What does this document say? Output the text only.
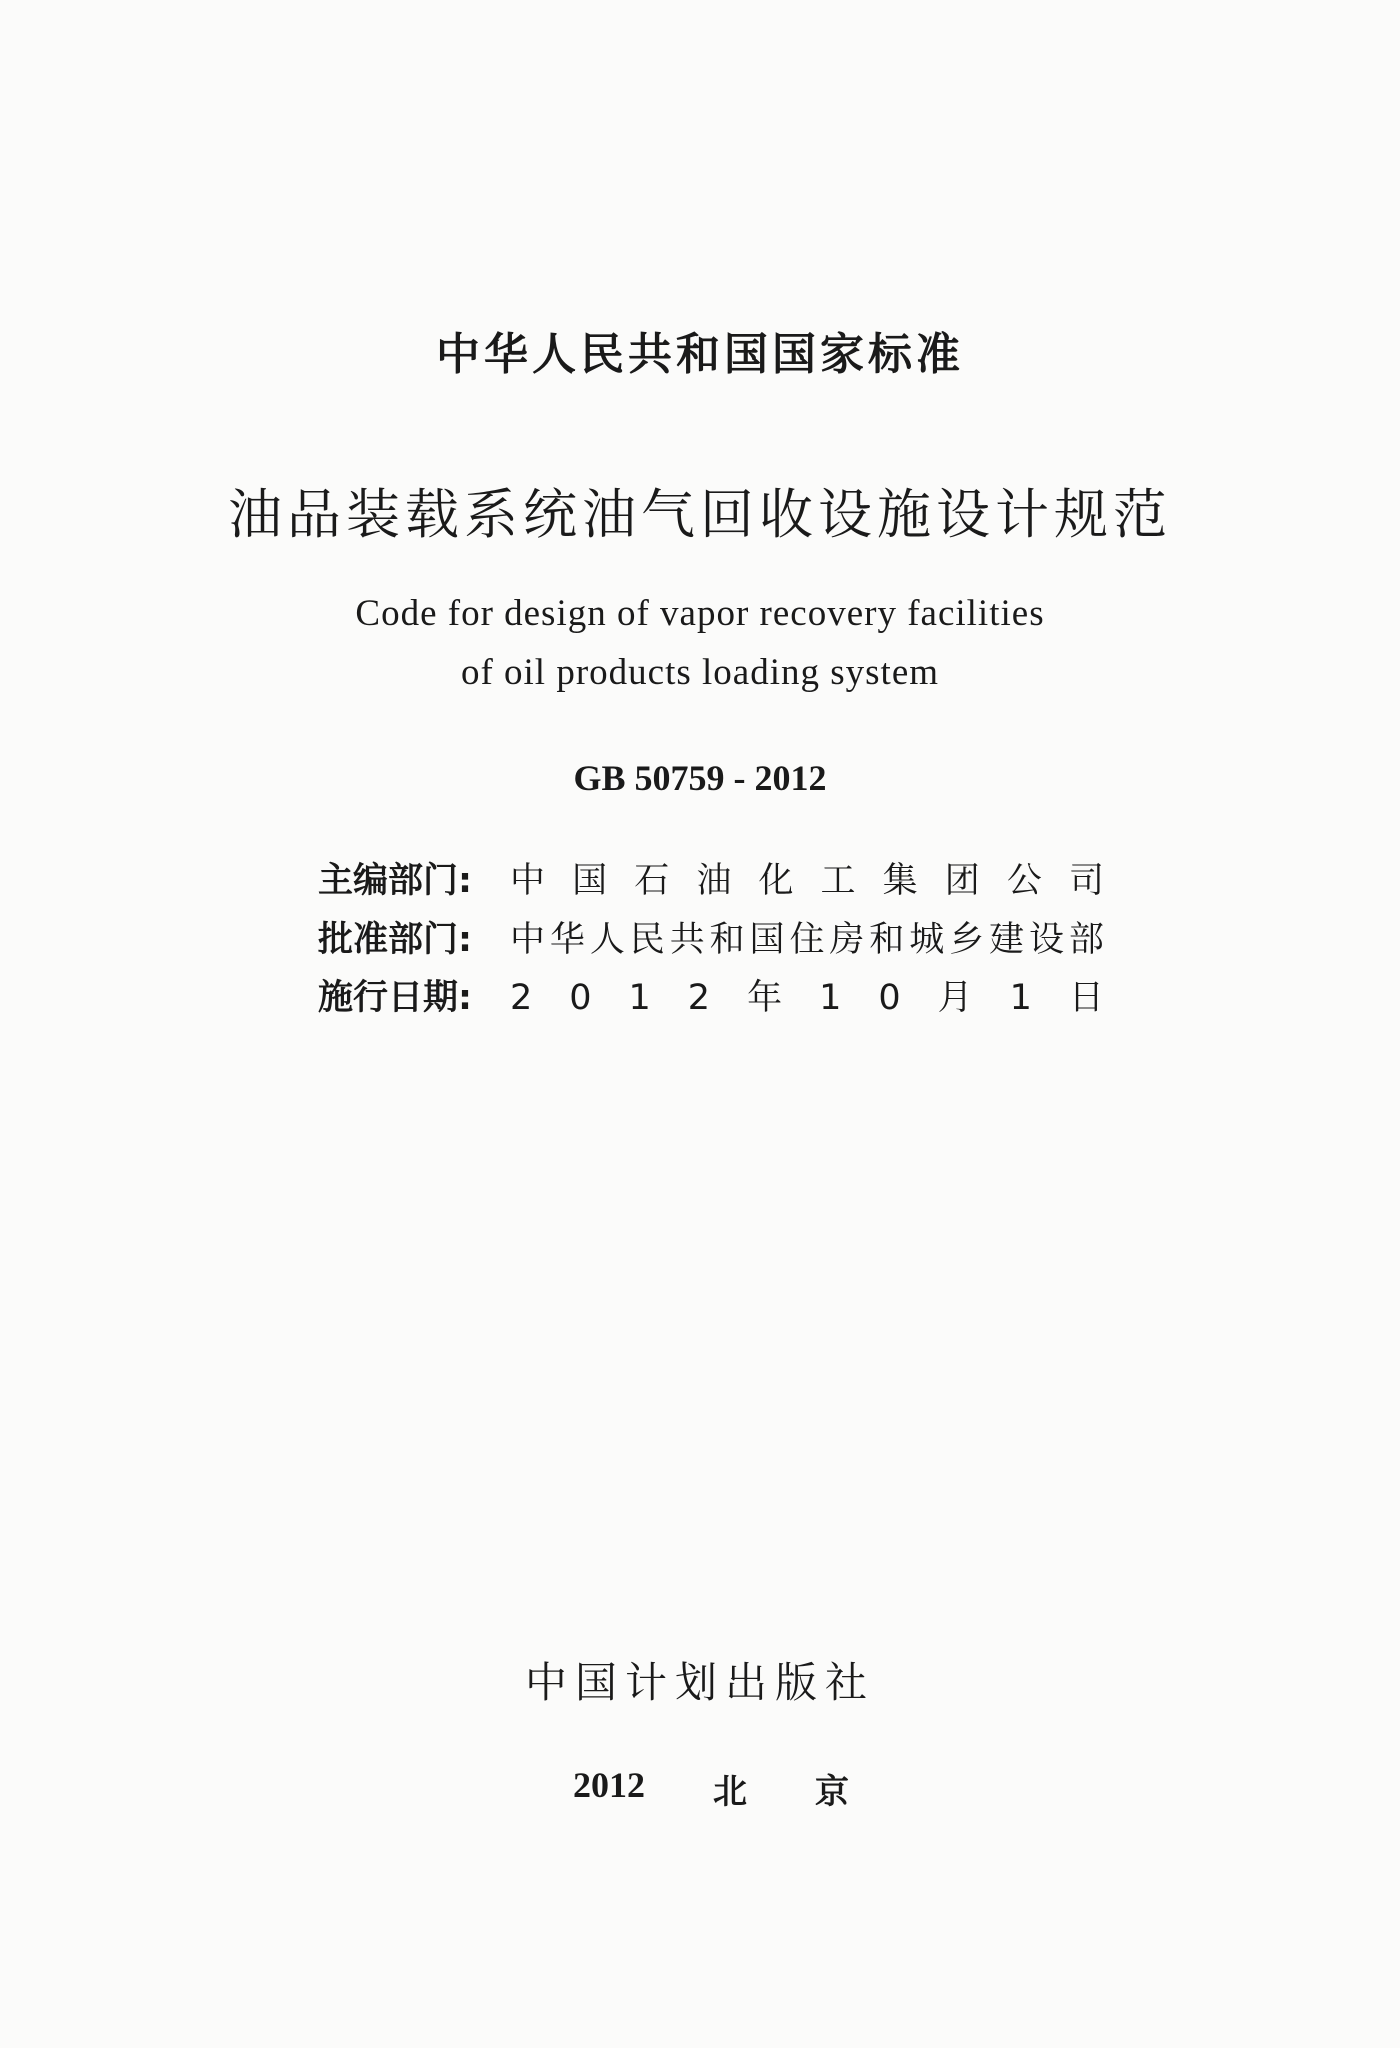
中华人民共和国国家标准
油品装载系统油气回收设施设计规范
Code for design of vapor recovery facilities
of oil products loading system
GB 50759 - 2012
主编部门:	中 国 石 油 化 工 集 团 公 司
批准部门:	中 华 人 民 共 和 国 住 房 和 城 乡 建 设 部
施行日期:	2 0 1 2 年 1 0 月 1 日
中国计划出版社
2012 北 京
